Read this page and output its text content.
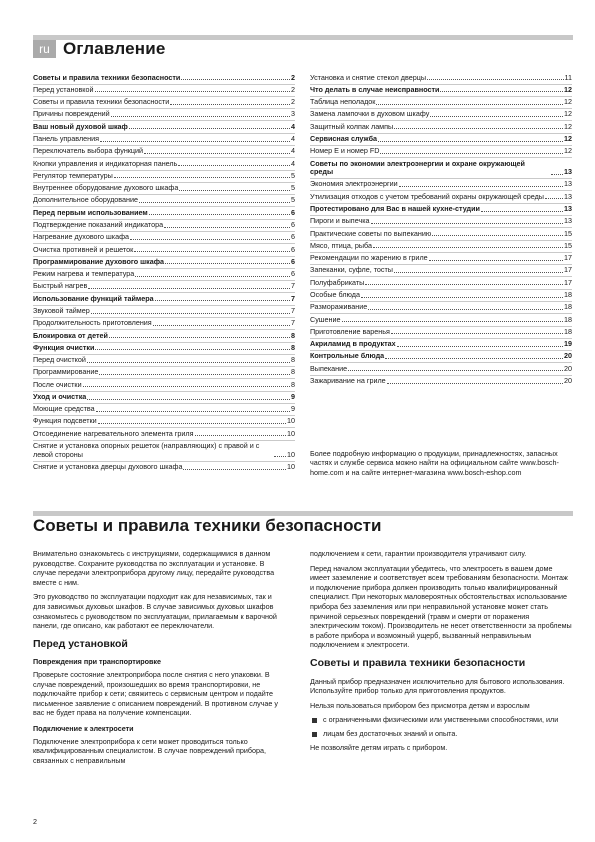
ru Оглавление
Советы и правила техники безопасности	2
Перед установкой	2
Советы и правила техники безопасности	2
Причины повреждений	3
Ваш новый духовой шкаф	4
Панель управления	4
Переключатель выбора функций	4
Кнопки управления и индикаторная панель	4
Регулятор температуры	5
Внутреннее оборудование духового шкафа	5
Дополнительное оборудование	5
Перед первым использованием	6
Подтверждение показаний индикатора	6
Нагревание духового шкафа	6
Очистка противней и решеток	6
Программирование духового шкафа	6
Режим нагрева и температура	6
Быстрый нагрев	7
Использование функций таймера	7
Звуковой таймер	7
Продолжительность приготовления	7
Блокировка от детей	8
Функция очистки	8
Перед очисткой	8
Программирование	8
После очистки	8
Уход и очистка	9
Моющие средства	9
Функция подсветки	10
Отсоединение нагревательного элемента гриля	10
Снятие и установка опорных решеток (направляющих) с правой и с левой стороны	10
Снятие и установка дверцы духового шкафа	10
Установка и снятие стекол дверцы	11
Что делать в случае неисправности	12
Таблица неполадок	12
Замена лампочки в духовом шкафу	12
Защитный колпак лампы	12
Сервисная служба	12
Номер Е и номер FD	12
Советы по экономии электроэнергии и охране окружающей среды	13
Экономия электроэнергии	13
Утилизация отходов с учетом требований охраны окружающей среды	13
Протестировано для Вас в нашей кухне-студии	13
Пироги и выпечка	13
Практические советы по выпеканию	15
Мясо, птица, рыба	15
Рекомендации по жарению в гриле	17
Запеканки, суфле, тосты	17
Полуфабрикаты	17
Особые блюда	18
Размораживание	18
Сушение	18
Приготовление варенья	18
Акриламид в продуктах	19
Контрольные блюда	20
Выпекание	20
Зажаривание на гриле	20
Более подробную информацию о продукции, принадлежностях, запасных частях и службе сервиса можно найти на официальном сайте www.bosch-home.com и на сайте интернет-магазина www.bosch-eshop.com
Советы и правила техники безопасности

Внимательно ознакомьтесь с инструкциями, содержащимися в данном руководстве. Сохраните руководства по эксплуатации и установке. В случае передачи электроприбора другому лицу, передайте руководства вместе с ним.

Это руководство по эксплуатации подходит как для независимых, так и для зависимых духовых шкафов. В случае зависимых духовых шкафов ознакомьтесь с руководством по эксплуатации, прилагаемым к варочной панели, где описано, как работают ее переключатели.

Перед установкой
Повреждения при транспортировке

Проверьте состояние электроприбора после снятия с него упаковки. В случае повреждений, произошедших во время транспортировки, не подключайте прибор к сети; свяжитесь с сервисным центром и подайте письменное заявление с описанием повреждений. В противном случае у вас не будет права на получение компенсации.

Подключение к электросети

Подключение электроприбора к сети может проводиться только квалифицированным специалистом. В случае повреждений прибора, связанных с неправильным

подключением к сети, гарантии производителя утрачивают силу.

Перед началом эксплуатации убедитесь, что электросеть в вашем доме имеет заземление и соответствует всем требованиям безопасности. Монтаж и подключение прибора должен производить только квалифицированный специалист. При некоторых маловероятных обстоятельствах использование прибора без заземления или при неправильной установке может стать причиной серьезных повреждений (травм и смерти от поражения электрическим током). Производитель не несет ответственности за проблемы в работе прибора и возможный ущерб, вызванный неправильным подключением к электросети.

Советы и правила техники безопасности

Данный прибор предназначен исключительно для бытового использования. Используйте прибор только для приготовления продуктов.

Нельзя пользоваться прибором без присмотра детям и взрослым

с ограниченными физическими или умственными способностями, или
лицам без достаточных знаний и опыта.

Не позволяйте детям играть с прибором.

2
